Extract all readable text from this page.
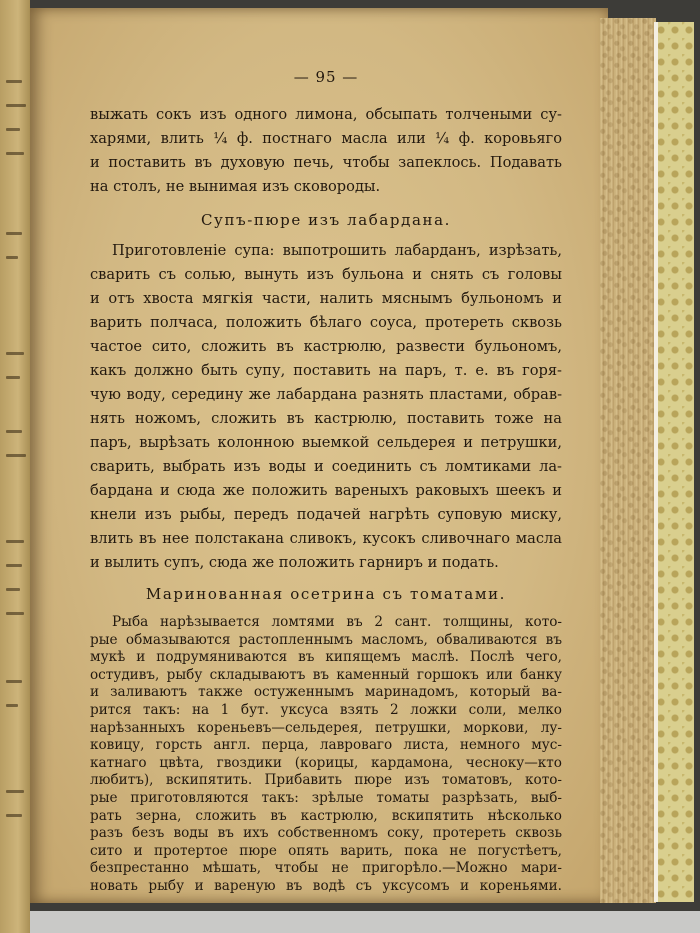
— 95 —
выжать сокъ изъ одного лимона, обсыпать толчеными су-
харями, влить ¼ ф. постнаго масла или ¼ ф. коровьяго
и поставить въ духовую печь, чтобы запеклось. Подавать
на столъ, не вынимая изъ сковороды.
Супъ-пюре изъ лабардана.
Приготовленіе супа: выпотрошить лабарданъ, изрѣзать,
сварить съ солью, вынуть изъ бульона и снять съ головы
и отъ хвоста мягкія части, налить мяснымъ бульономъ и
варить полчаса, положить бѣлаго соуса, протереть сквозь
частое сито, сложить въ кастрюлю, развести бульономъ,
какъ должно быть супу, поставить на паръ, т. е. въ горя-
чую воду, середину же лабардана разнять пластами, обрав-
нять ножомъ, сложить въ кастрюлю, поставить тоже на
паръ, вырѣзать колонною выемкой сельдерея и петрушки,
сварить, выбрать изъ воды и соединить съ ломтиками ла-
бардана и сюда же положить вареныхъ раковыхъ шеекъ и
кнели изъ рыбы, передъ подачей нагрѣть супoвую миску,
влить въ нее полстакана сливокъ, кусокъ сливочнаго масла
и вылить супъ, сюда же положить гарниръ и подать.
Маринованная осетрина съ томатами.
Рыба нарѣзывается ломтями въ 2 сант. толщины, кото-
рые обмазываются растопленнымъ масломъ, обваливаются въ
мукѣ и подрумяниваются въ кипящемъ маслѣ. Послѣ чего,
остудивъ, рыбу складываютъ въ каменный горшокъ или банку
и заливаютъ также остуженнымъ маринадомъ, который ва-
рится такъ: на 1 бут. уксуса взять 2 ложки соли, мелко
нарѣзанныхъ кореньевъ—сельдерея, петрушки, моркови, лу-
ковицу, горсть англ. перца, лавроваго листа, немного мус-
катнаго цвѣта, гвоздики (корицы, кардамона, чесноку—кто
любитъ), вскипятить. Прибавить пюре изъ томатовъ, кото-
рые приготовляются такъ: зрѣлые томаты разрѣзать, выб-
рать зерна, сложить въ кастрюлю, вскипятить нѣсколько
разъ безъ воды въ ихъ собственномъ соку, протереть сквозь
сито и протертое пюре опять варить, пока не погустѣетъ,
безпрестанно мѣшать, чтобы не пригорѣло.—Можно мари-
новать рыбу и вареную въ водѣ съ уксусомъ и кореньями.
